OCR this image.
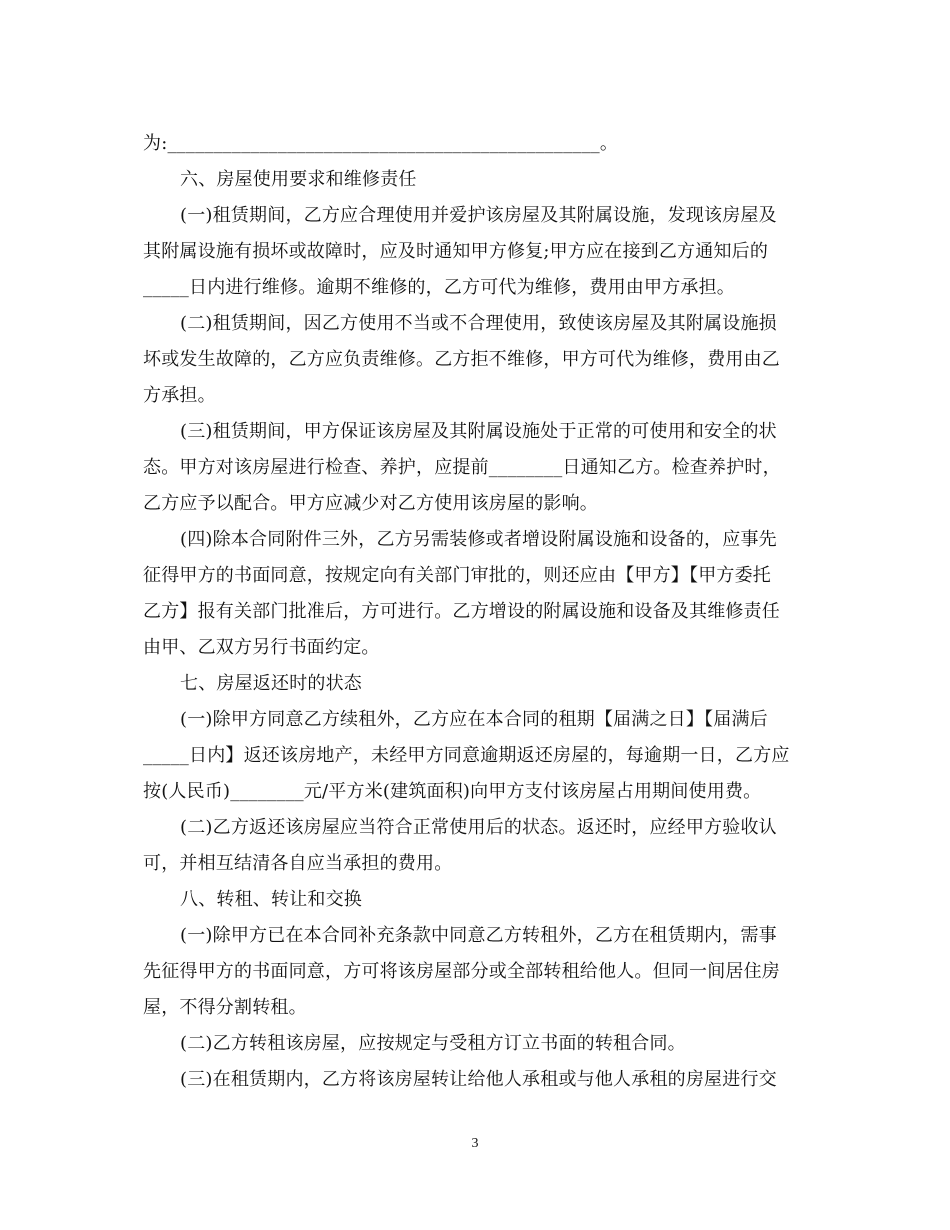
为:_______________________________________________。
六、房屋使用要求和维修责任
(一)租赁期间，乙方应合理使用并爱护该房屋及其附属设施，发现该房屋及
其附属设施有损坏或故障时，应及时通知甲方修复;甲方应在接到乙方通知后的
_____日内进行维修。逾期不维修的，乙方可代为维修，费用由甲方承担。
(二)租赁期间，因乙方使用不当或不合理使用，致使该房屋及其附属设施损
坏或发生故障的，乙方应负责维修。乙方拒不维修，甲方可代为维修，费用由乙
方承担。
(三)租赁期间，甲方保证该房屋及其附属设施处于正常的可使用和安全的状
态。甲方对该房屋进行检查、养护，应提前________日通知乙方。检查养护时，
乙方应予以配合。甲方应减少对乙方使用该房屋的影响。
(四)除本合同附件三外，乙方另需装修或者增设附属设施和设备的，应事先
征得甲方的书面同意，按规定向有关部门审批的，则还应由【甲方】【甲方委托
乙方】报有关部门批准后，方可进行。乙方增设的附属设施和设备及其维修责任
由甲、乙双方另行书面约定。
七、房屋返还时的状态
(一)除甲方同意乙方续租外，乙方应在本合同的租期【届满之日】【届满后
_____日内】返还该房地产，未经甲方同意逾期返还房屋的，每逾期一日，乙方应
按(人民币)________元/平方米(建筑面积)向甲方支付该房屋占用期间使用费。
(二)乙方返还该房屋应当符合正常使用后的状态。返还时，应经甲方验收认
可，并相互结清各自应当承担的费用。
八、转租、转让和交换
(一)除甲方已在本合同补充条款中同意乙方转租外，乙方在租赁期内，需事
先征得甲方的书面同意，方可将该房屋部分或全部转租给他人。但同一间居住房
屋，不得分割转租。
(二)乙方转租该房屋，应按规定与受租方订立书面的转租合同。
(三)在租赁期内，乙方将该房屋转让给他人承租或与他人承租的房屋进行交
3
